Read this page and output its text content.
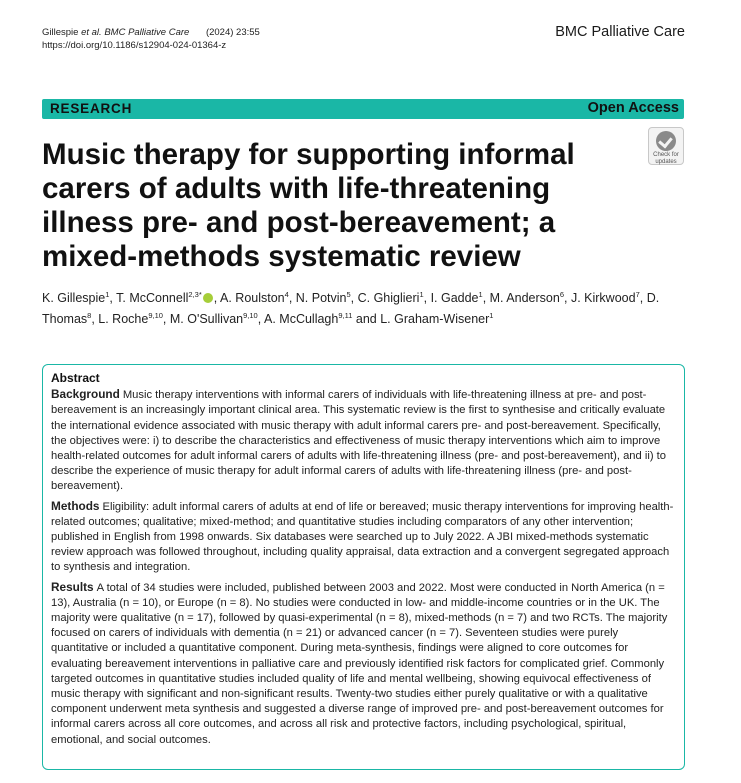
Gillespie et al. BMC Palliative Care (2024) 23:55
https://doi.org/10.1186/s12904-024-01364-z
BMC Palliative Care
RESEARCH	Open Access
Check for
updates
Music therapy for supporting informal carers of adults with life-threatening illness pre- and post-bereavement; a mixed-methods systematic review
K. Gillespie$^1$, T. McConnell$^{2,3*}$ , A. Roulston$^4$, N. Potvin$^5$, C. Ghiglieri$^1$, I. Gadde$^1$, M. Anderson$^6$, J. Kirkwood$^7$, D. Thomas$^8$, L. Roche$^{9,10}$, M. O'Sullivan$^{9,10}$, A. McCullagh$^{9,11}$ and L. Graham-Wisener$^1$
Abstract

Background Music therapy interventions with informal carers of individuals with life-threatening illness at pre- and post-bereavement is an increasingly important clinical area. This systematic review is the first to synthesise and critically evaluate the international evidence associated with music therapy with adult informal carers pre- and post-bereavement. Specifically, the objectives were: i) to describe the characteristics and effectiveness of music therapy interventions which aim to improve health-related outcomes for adult informal carers of adults with life-threatening illness (pre- and post-bereavement), and ii) to describe the experience of music therapy for adult informal carers of adults with life-threatening illness (pre- and post-bereavement).

Methods Eligibility: adult informal carers of adults at end of life or bereaved; music therapy interventions for improving health-related outcomes; qualitative; mixed-method; and quantitative studies including comparators of any other intervention; published in English from 1998 onwards. Six databases were searched up to July 2022. A JBI mixed-methods systematic review approach was followed throughout, including quality appraisal, data extraction and a convergent segregated approach to synthesis and integration.

Results A total of 34 studies were included, published between 2003 and 2022. Most were conducted in North America (n = 13), Australia (n = 10), or Europe (n = 8). No studies were conducted in low- and middle-income countries or in the UK. The majority were qualitative (n = 17), followed by quasi-experimental (n = 8), mixed-methods (n = 7) and two RCTs. The majority focused on carers of individuals with dementia (n = 21) or advanced cancer (n = 7). Seventeen studies were purely quantitative or included a quantitative component. During meta-synthesis, findings were aligned to core outcomes for evaluating bereavement interventions in palliative care and previously identified risk factors for complicated grief. Commonly targeted outcomes in quantitative studies included quality of life and mental wellbeing, showing equivocal effectiveness of music therapy with significant and non-significant results. Twenty-two studies either purely qualitative or with a qualitative component underwent meta synthesis and suggested a diverse range of improved pre- and post-bereavement outcomes for informal carers across all core outcomes, and across all risk and protective factors, including psychological, spiritual, emotional, and social outcomes.
